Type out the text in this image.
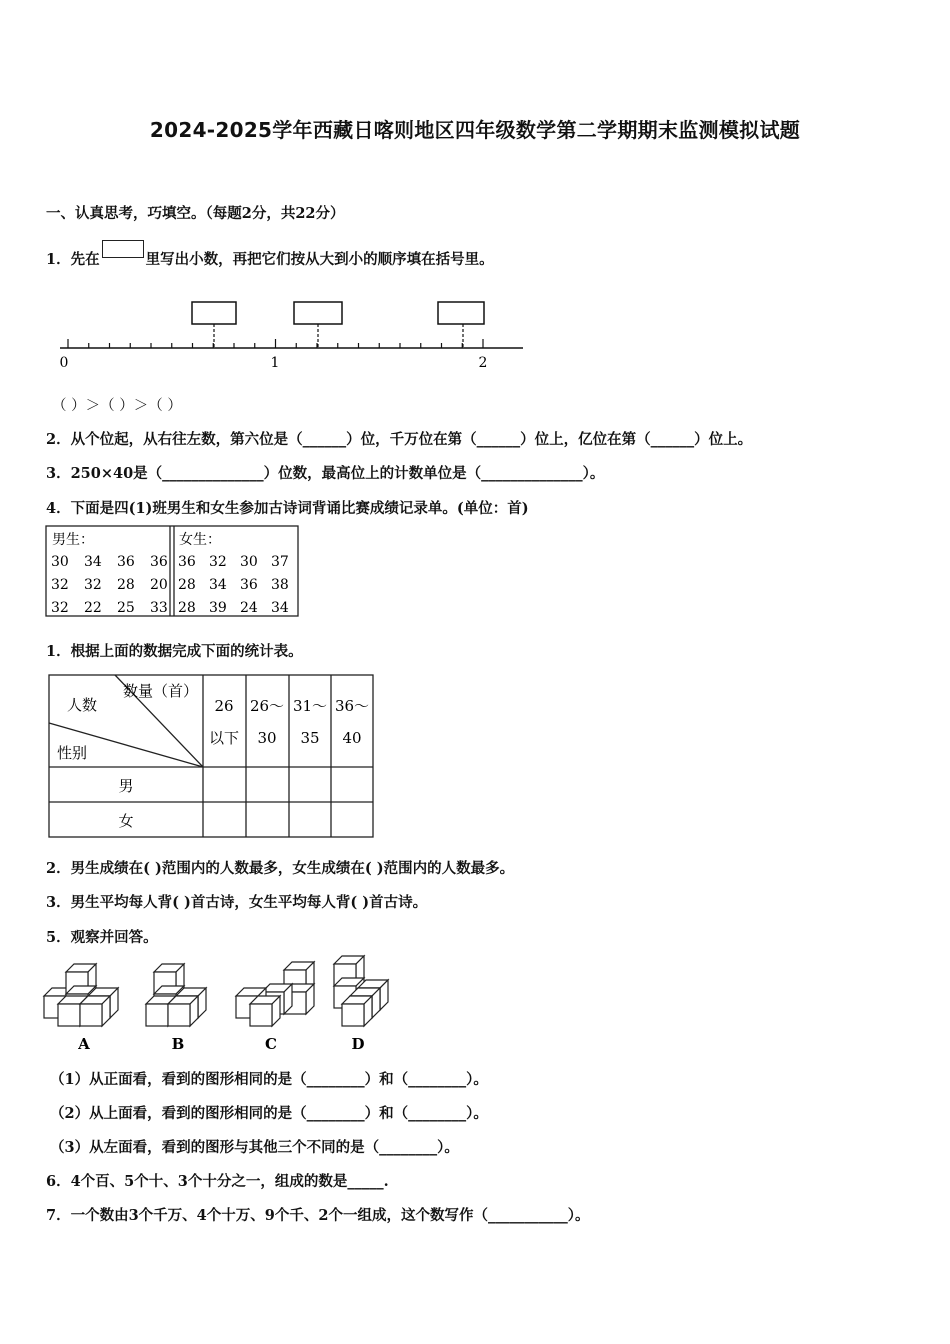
2024-2025学年西藏日喀则地区四年级数学第二学期期末监测模拟试题
一、认真思考，巧填空。（每题2分，共22分）
1．先在	里写出小数，再把它们按从大到小的顺序填在括号里。
0	1	2
（ ）＞（ ）＞（ ）
2．从个位起，从右往左数，第六位是（______）位，千万位在第（______）位上，亿位在第（______）位上。
3．250×40是（______________）位数，最高位上的计数单位是（______________）。
4．下面是四(1)班男生和女生参加古诗词背诵比赛成绩记录单。(单位：首)
男生：	女生：
30 34 36 36
32 32 28 20
32 22 25 33
36 32 30 37
28 34 36 38
28 39 24 34
1．根据上面的数据完成下面的统计表。
数量（首）
人数
性别
26 26～ 31～ 36～
以下 30 35 40
男
女
2．男生成绩在( )范围内的人数最多，女生成绩在( )范围内的人数最多。
3．男生平均每人背( )首古诗，女生平均每人背( )首古诗。
5．观察并回答。
A	B	C	D
（1）从正面看，看到的图形相同的是（________）和（________）。
（2）从上面看，看到的图形相同的是（________）和（________）。
（3）从左面看，看到的图形与其他三个不同的是（________）。
6．4个百、5个十、3个十分之一，组成的数是_____.
7．一个数由3个千万、4个十万、9个千、2个一组成，这个数写作（___________）。
